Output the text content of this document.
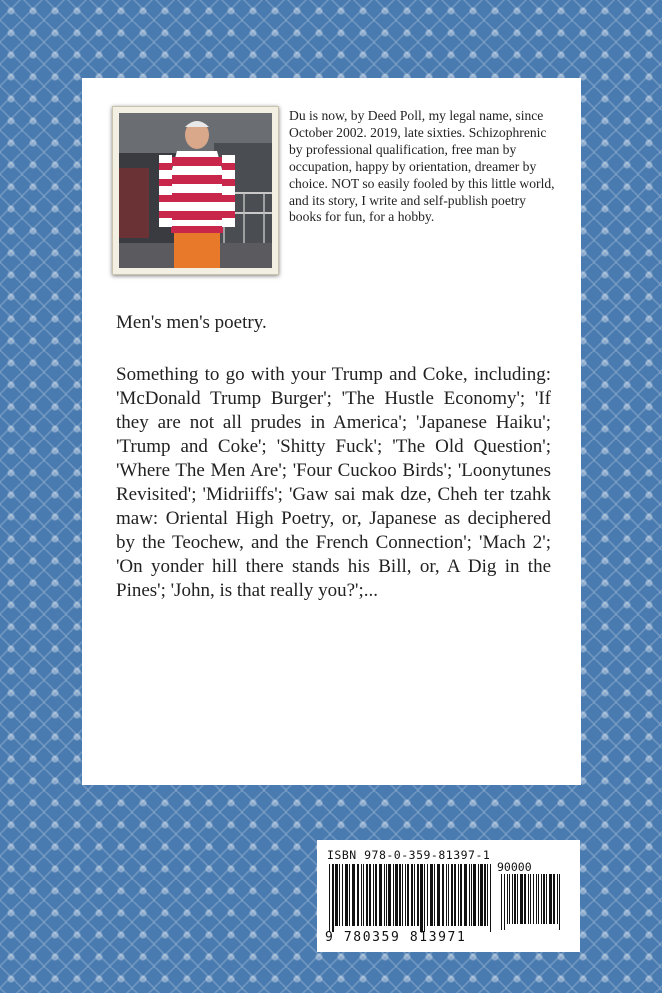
Du is now, by Deed Poll, my legal name, since October 2002. 2019, late sixties. Schizophrenic by professional qualification, free man by occupation, happy by orientation, dreamer by choice. NOT so easily fooled by this little world, and its story, I write and self-publish poetry books for fun, for a hobby.
Men's men's poetry.
Something to go with your Trump and Coke, including: 'McDonald Trump Burger'; 'The Hustle Economy'; 'If they are not all prudes in America'; 'Japanese Haiku'; 'Trump and Coke'; 'Shitty Fuck'; 'The Old Question'; 'Where The Men Are'; 'Four Cuckoo Birds'; 'Loonytunes Revisited'; 'Midriiffs'; 'Gaw sai mak dze, Cheh ter tzahk maw: Oriental High Poetry, or, Japanese as deciphered by the Teochew, and the French Connection'; 'Mach 2'; 'On yonder hill there stands his Bill, or, A Dig in the Pines'; 'John, is that really you?';...
ISBN 978-0-359-81397-1
90000
9 780359 813971
